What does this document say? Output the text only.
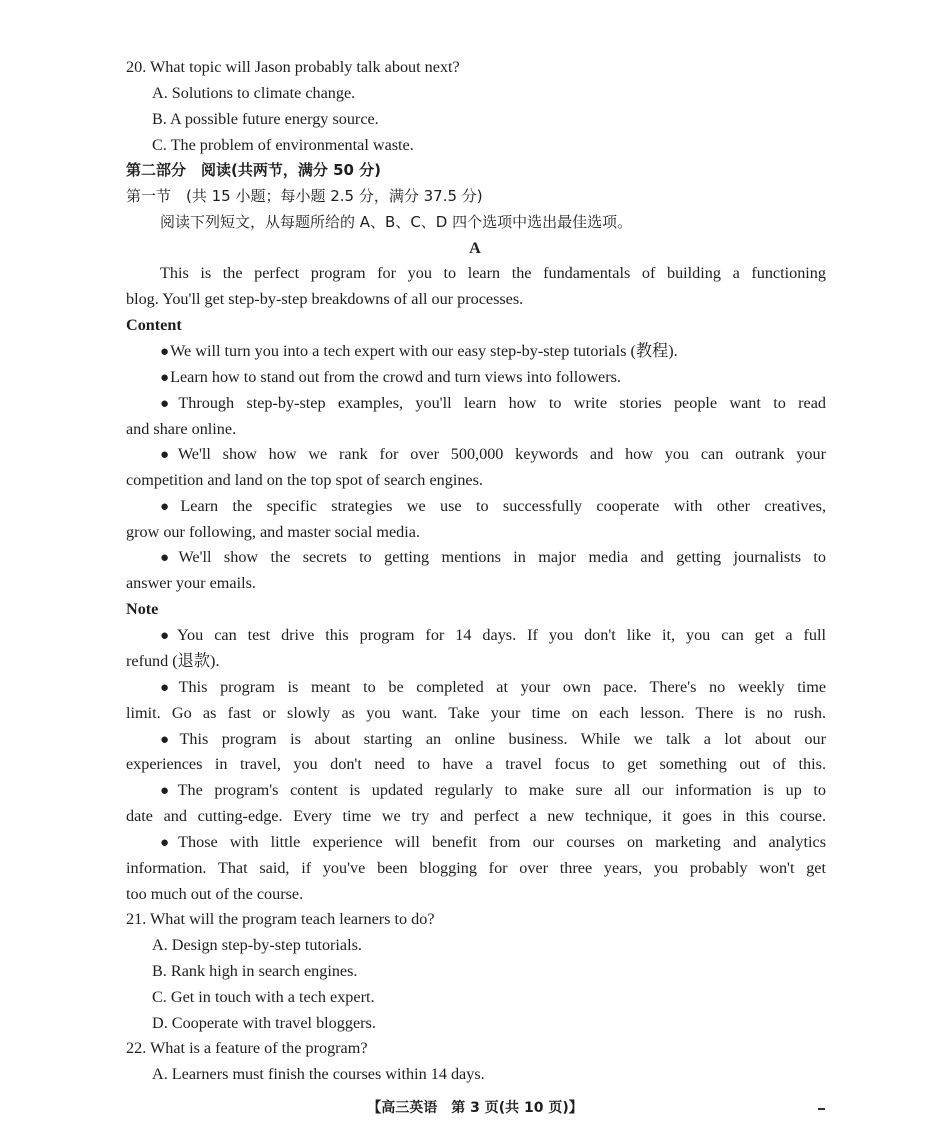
20. What topic will Jason probably talk about next?

A. Solutions to climate change.

B. A possible future energy source.

C. The problem of environmental waste.

第二部分　阅读(共两节，满分 50 分)

第一节　(共 15 小题；每小题 2.5 分，满分 37.5 分)

阅读下列短文，从每题所给的 A、B、C、D 四个选项中选出最佳选项。

A

This is the perfect program for you to learn the fundamentals of building a functioning

blog. You'll get step-by-step breakdowns of all our processes.

Content

● We will turn you into a tech expert with our easy step-by-step tutorials (教程).

● Learn how to stand out from the crowd and turn views into followers.

● Through step-by-step examples, you'll learn how to write stories people want to read

and share online.

● We'll show how we rank for over 500,000 keywords and how you can outrank your

competition and land on the top spot of search engines.

● Learn the specific strategies we use to successfully cooperate with other creatives,

grow our following, and master social media.

● We'll show the secrets to getting mentions in major media and getting journalists to

answer your emails.

Note

● You can test drive this program for 14 days. If you don't like it, you can get a full

refund (退款).

● This program is meant to be completed at your own pace. There's no weekly time

limit. Go as fast or slowly as you want. Take your time on each lesson. There is no rush.

● This program is about starting an online business. While we talk a lot about our

experiences in travel, you don't need to have a travel focus to get something out of this.

● The program's content is updated regularly to make sure all our information is up to

date and cutting-edge. Every time we try and perfect a new technique, it goes in this course.

● Those with little experience will benefit from our courses on marketing and analytics

information. That said, if you've been blogging for over three years, you probably won't get

too much out of the course.

21. What will the program teach learners to do?

A. Design step-by-step tutorials.

B. Rank high in search engines.

C. Get in touch with a tech expert.

D. Cooperate with travel bloggers.

22. What is a feature of the program?

A. Learners must finish the courses within 14 days.

【高三英语　第 3 页(共 10 页)】
